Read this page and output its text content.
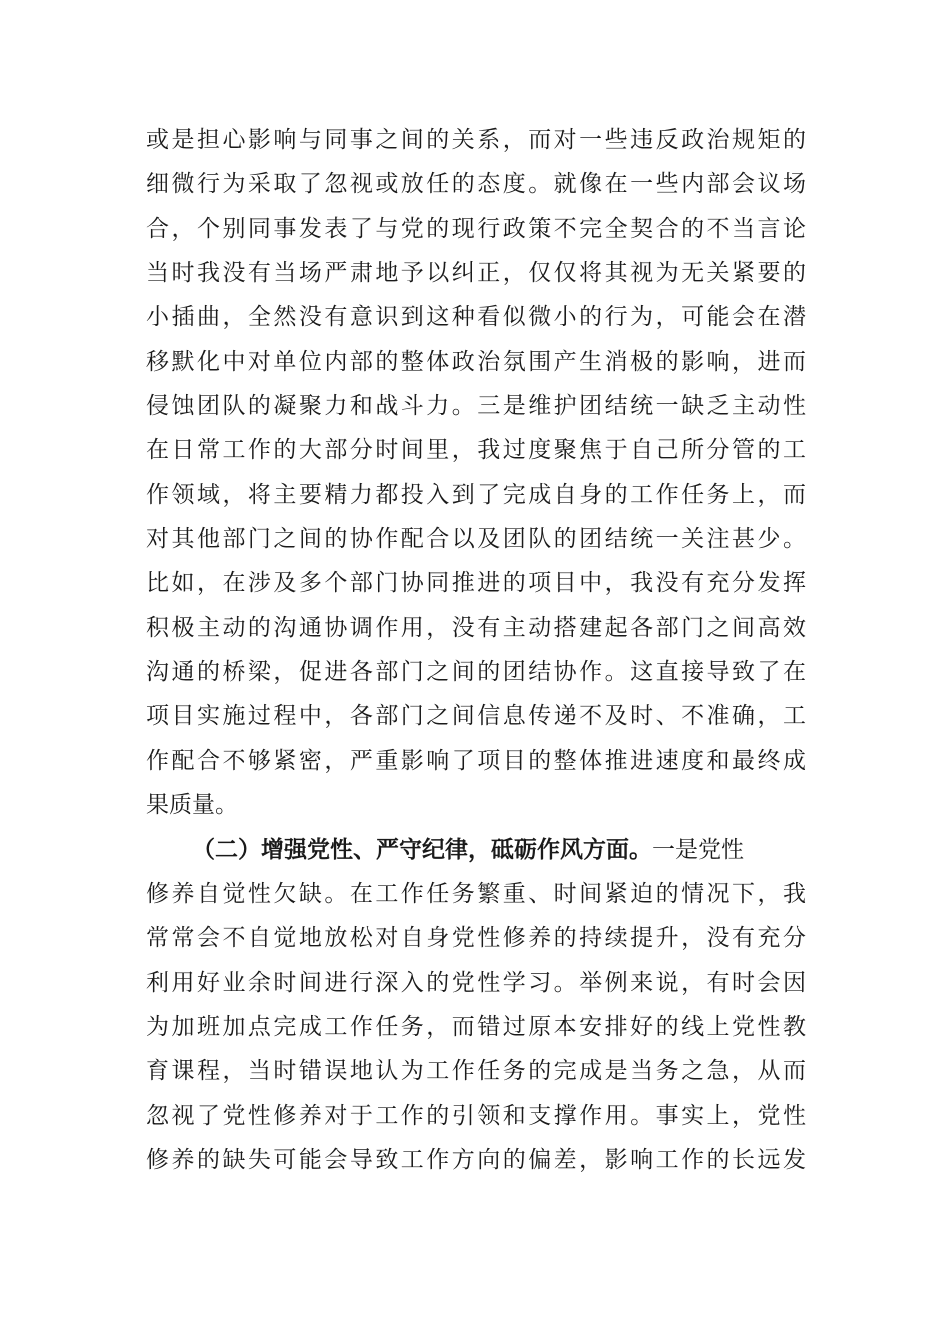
或是担心影响与同事之间的关系，而对一些违反政治规矩的
细微行为采取了忽视或放任的态度。就像在一些内部会议场
合，个别同事发表了与党的现行政策不完全契合的不当言论
当时我没有当场严肃地予以纠正，仅仅将其视为无关紧要的
小插曲，全然没有意识到这种看似微小的行为，可能会在潜
移默化中对单位内部的整体政治氛围产生消极的影响，进而
侵蚀团队的凝聚力和战斗力。三是维护团结统一缺乏主动性
在日常工作的大部分时间里，我过度聚焦于自己所分管的工
作领域，将主要精力都投入到了完成自身的工作任务上，而
对其他部门之间的协作配合以及团队的团结统一关注甚少。
比如，在涉及多个部门协同推进的项目中，我没有充分发挥
积极主动的沟通协调作用，没有主动搭建起各部门之间高效
沟通的桥梁，促进各部门之间的团结协作。这直接导致了在
项目实施过程中，各部门之间信息传递不及时、不准确，工
作配合不够紧密，严重影响了项目的整体推进速度和最终成
果质量。
（二）增强党性、严守纪律，砥砺作风方面。一是党性
修养自觉性欠缺。在工作任务繁重、时间紧迫的情况下，我
常常会不自觉地放松对自身党性修养的持续提升，没有充分
利用好业余时间进行深入的党性学习。举例来说，有时会因
为加班加点完成工作任务，而错过原本安排好的线上党性教
育课程，当时错误地认为工作任务的完成是当务之急，从而
忽视了党性修养对于工作的引领和支撑作用。事实上，党性
修养的缺失可能会导致工作方向的偏差，影响工作的长远发
